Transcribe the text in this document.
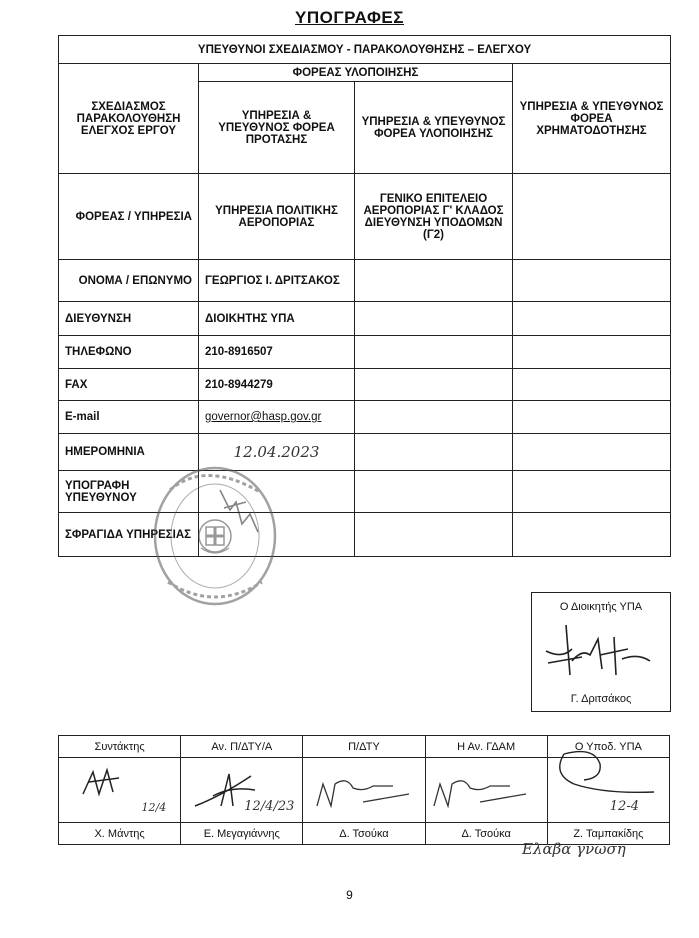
ΥΠΟΓΡΑΦΕΣ
ΥΠΕΥΘΥΝΟΙ ΣΧΕΔΙΑΣΜΟΥ - ΠΑΡΑΚΟΛΟΥΘΗΣΗΣ – ΕΛΕΓΧΟΥ			
ΣΧΕΔΙΑΣΜΟΣ ΠΑΡΑΚΟΛΟΥΘΗΣΗ ΕΛΕΓΧΟΣ ΕΡΓΟΥ	ΦΟΡΕΑΣ ΥΛΟΠΟΙΗΣΗΣ		ΥΠΗΡΕΣΙΑ & ΥΠΕΥΘΥΝΟΣ ΦΟΡΕΑ ΧΡΗΜΑΤΟΔΟΤΗΣΗΣ
	ΥΠΗΡΕΣΙΑ & ΥΠΕΥΘΥΝΟΣ ΦΟΡΕΑ ΠΡΟΤΑΣΗΣ	ΥΠΗΡΕΣΙΑ & ΥΠΕΥΘΥΝΟΣ ΦΟΡΕΑ ΥΛΟΠΟΙΗΣΗΣ	
ΦΟΡΕΑΣ / ΥΠΗΡΕΣΙΑ	ΥΠΗΡΕΣΙΑ ΠΟΛΙΤΙΚΗΣ ΑΕΡΟΠΟΡΙΑΣ	ΓΕΝΙΚΟ ΕΠΙΤΕΛΕΙΟ ΑΕΡΟΠΟΡΙΑΣ Γ' ΚΛΑΔΟΣ ΔΙΕΥΘΥΝΣΗ ΥΠΟΔΟΜΩΝ (Γ2)	
ΟΝΟΜΑ / ΕΠΩΝΥΜΟ	ΓΕΩΡΓΙΟΣ Ι. ΔΡΙΤΣΑΚΟΣ		
ΔΙΕΥΘΥΝΣΗ	ΔΙΟΙΚΗΤΗΣ ΥΠΑ		
ΤΗΛΕΦΩΝΟ	210-8916507		
FAX	210-8944279		
E-mail	governor@hasp.gov.gr		
ΗΜΕΡΟΜΗΝΙΑ	12.04.2023		
ΥΠΟΓΡΑΦΗ ΥΠΕΥΘΥΝΟΥ			
ΣΦΡΑΓΙΔΑ ΥΠΗΡΕΣΙΑΣ			
Ο Διοικητής ΥΠΑ
Γ. Δριτσάκος
Συντάκτης	Αν. Π/ΔΤΥ/Α	Π/ΔΤΥ	Η Αν. ΓΔΑΜ	Ο Υποδ. ΥΠΑ

12/4	12/4/23			12-4

Χ. Μάντης	Ε. Μεγαγιάννης	Δ. Τσούκα	Δ. Τσούκα	Ζ. Ταμπακίδης
Ελαβα γνωση
9
